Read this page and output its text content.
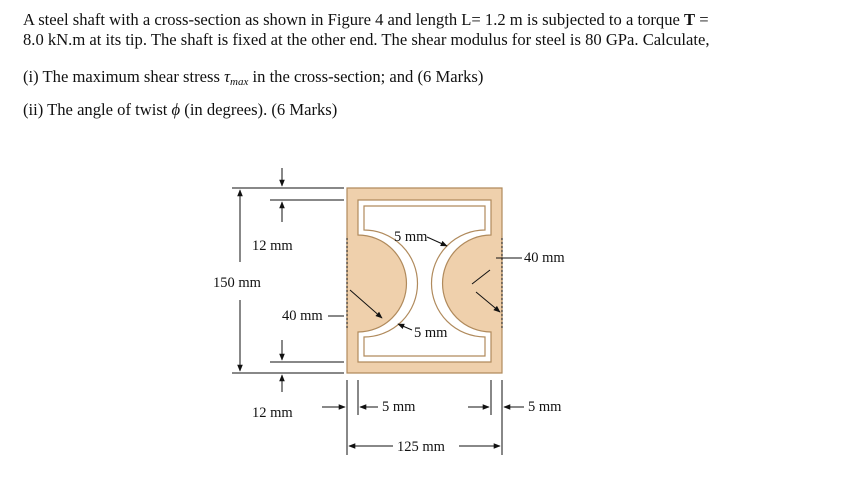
A steel shaft with a cross-section as shown in Figure 4 and length L= 1.2 m is subjected to a torque T =
8.0 kN.m at its tip. The shaft is fixed at the other end. The shear modulus for steel is 80 GPa. Calculate,
(i) The maximum shear stress $\tau_{max}$ in the cross-section; and (6 Marks)
(ii) The angle of twist ϕ (in degrees). (6 Marks)
12 mm
150 mm
40 mm
40 mm
12 mm
5 mm
5 mm
5 mm	5 mm
125 mm
